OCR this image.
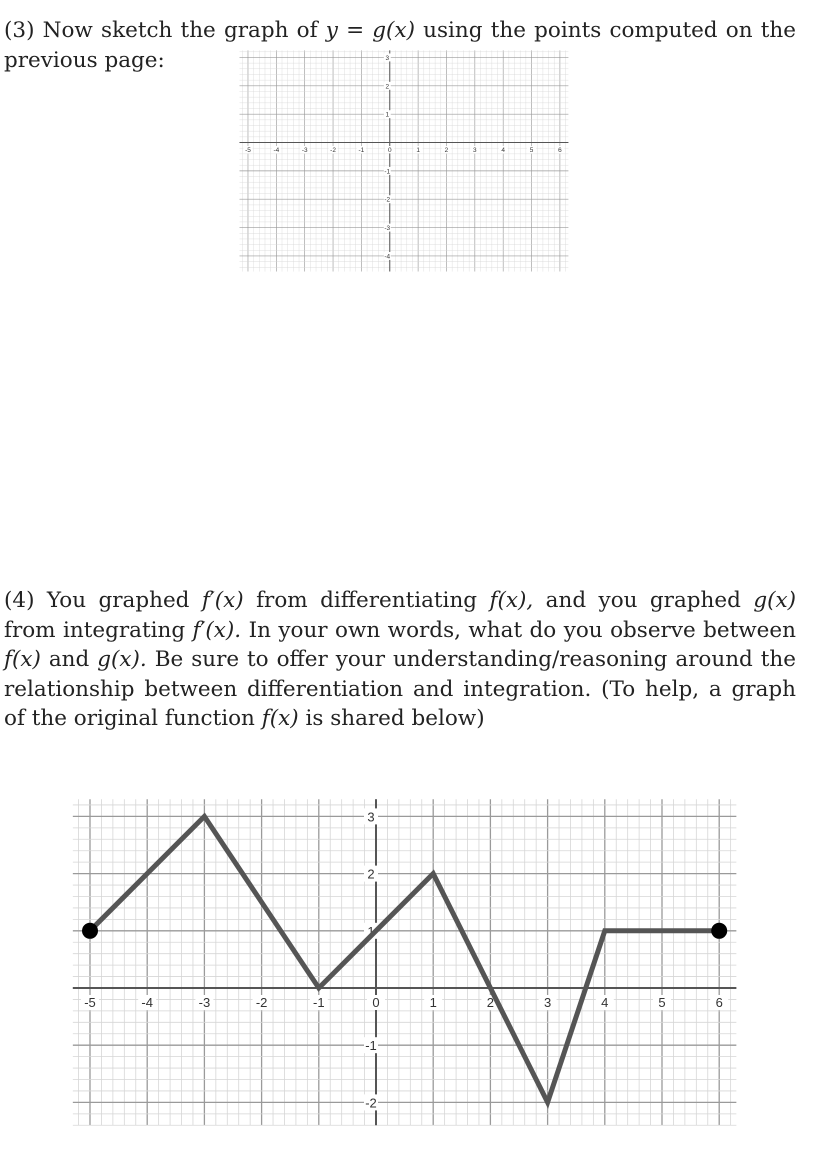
(3) Now sketch the graph of y = g(x) using the points computed on the previous page:

-5 -4 -3 -2 -1 0 1 2 3 4 5 6
3
2
1
-1
-2
-3
-4

(4) You graphed f′(x) from differentiating f(x), and you graphed g(x) from integrating f′(x). In your own words, what do you observe between f(x) and g(x). Be sure to offer your understanding/reasoning around the relationship between differentiation and integration. (To help, a graph of the original function f(x) is shared below)

-5	-4	-3	-2	-1	0	1	2	3	4	5	6
3
2
1
-1
-2
